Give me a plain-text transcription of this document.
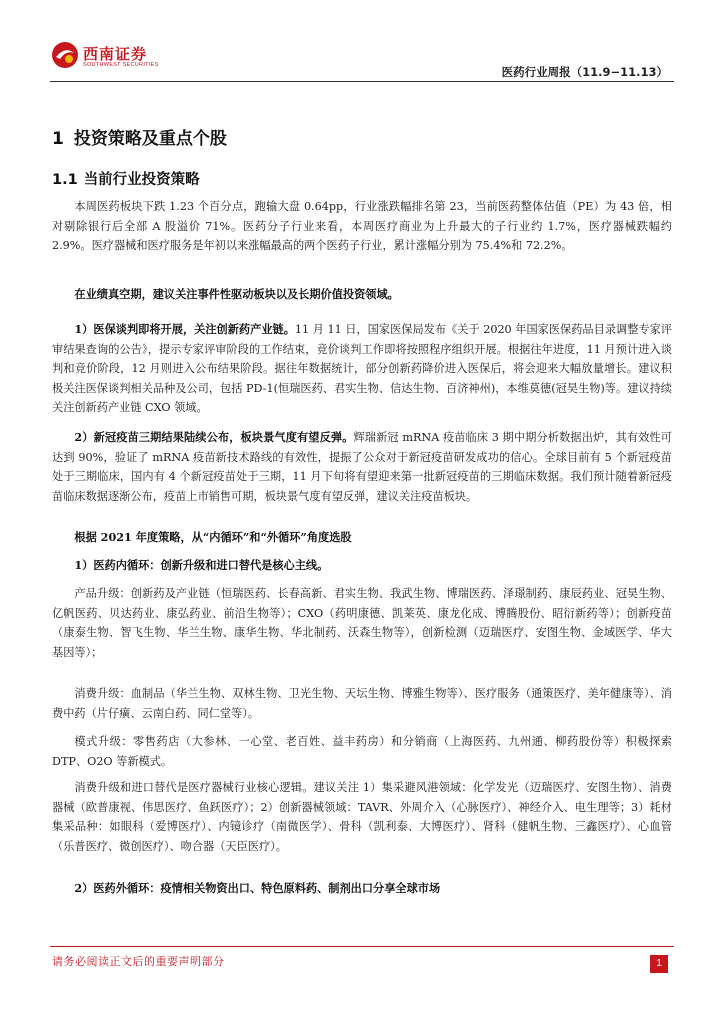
西南证券
SOUTHWEST SECURITIES	医药行业周报（11.9−11.13）
1 投资策略及重点个股
1.1 当前行业投资策略

本周医药板块下跌 1.23 个百分点，跑输大盘 0.64pp，行业涨跌幅排名第 23，当前医药整体估值（PE）为 43 倍，相对剔除银行后全部 A 股溢价 71%。医药分子行业来看，本周医疗商业为上升最大的子行业约 1.7%，医疗器械跌幅约 2.9%。医疗器械和医疗服务是年初以来涨幅最高的两个医药子行业，累计涨幅分别为 75.4%和 72.2%。

在业绩真空期，建议关注事件性驱动板块以及长期价值投资领域。

1）医保谈判即将开展，关注创新药产业链。11 月 11 日，国家医保局发布《关于 2020 年国家医保药品目录调整专家评审结果查询的公告》，提示专家评审阶段的工作结束，竞价谈判工作即将按照程序组织开展。根据往年进度，11 月预计进入谈判和竞价阶段，12 月则进入公布结果阶段。据往年数据统计，部分创新药降价进入医保后，将会迎来大幅放量增长。建议积极关注医保谈判相关品种及公司，包括 PD-1(恒瑞医药、君实生物、信达生物、百济神州)，本维莫德(冠昊生物)等。建议持续关注创新药产业链 CXO 领域。

2）新冠疫苗三期结果陆续公布，板块景气度有望反弹。辉瑞新冠 mRNA 疫苗临床 3 期中期分析数据出炉，其有效性可达到 90%，验证了 mRNA 疫苗新技术路线的有效性，提振了公众对于新冠疫苗研发成功的信心。全球目前有 5 个新冠疫苗处于三期临床，国内有 4 个新冠疫苗处于三期，11 月下旬将有望迎来第一批新冠疫苗的三期临床数据。我们预计随着新冠疫苗临床数据逐渐公布，疫苗上市销售可期，板块景气度有望反弹，建议关注疫苗板块。

根据 2021 年度策略，从“内循环”和“外循环”角度选股

1）医药内循环：创新升级和进口替代是核心主线。

产品升级：创新药及产业链（恒瑞医药、长春高新、君实生物、我武生物、博瑞医药、泽璟制药、康辰药业、冠昊生物、亿帆医药、贝达药业、康弘药业、前沿生物等）；CXO（药明康德、凯莱英、康龙化成、博腾股份、昭衍新药等）；创新疫苗（康泰生物、智飞生物、华兰生物、康华生物、华北制药、沃森生物等），创新检测（迈瑞医疗、安图生物、金域医学、华大基因等）；

消费升级：血制品（华兰生物、双林生物、卫光生物、天坛生物、博雅生物等）、医疗服务（通策医疗、美年健康等）、消费中药（片仔癀、云南白药、同仁堂等）。

模式升级：零售药店（大参林、一心堂、老百姓、益丰药房）和分销商（上海医药、九州通、柳药股份等）积极探索 DTP、O2O 等新模式。

消费升级和进口替代是医疗器械行业核心逻辑。建议关注 1）集采避风港领域：化学发光（迈瑞医疗、安图生物）、消费器械（欧普康视、伟思医疗、鱼跃医疗）；2）创新器械领域：TAVR、外周介入（心脉医疗）、神经介入、电生理等；3）耗材集采品种：如眼科（爱博医疗）、内镜诊疗（南微医学）、骨科（凯利泰、大博医疗）、肾科（健帆生物、三鑫医疗）、心血管（乐普医疗、微创医疗）、吻合器（天臣医疗）。

2）医药外循环：疫情相关物资出口、特色原料药、制剂出口分享全球市场

请务必阅读正文后的重要声明部分	1
